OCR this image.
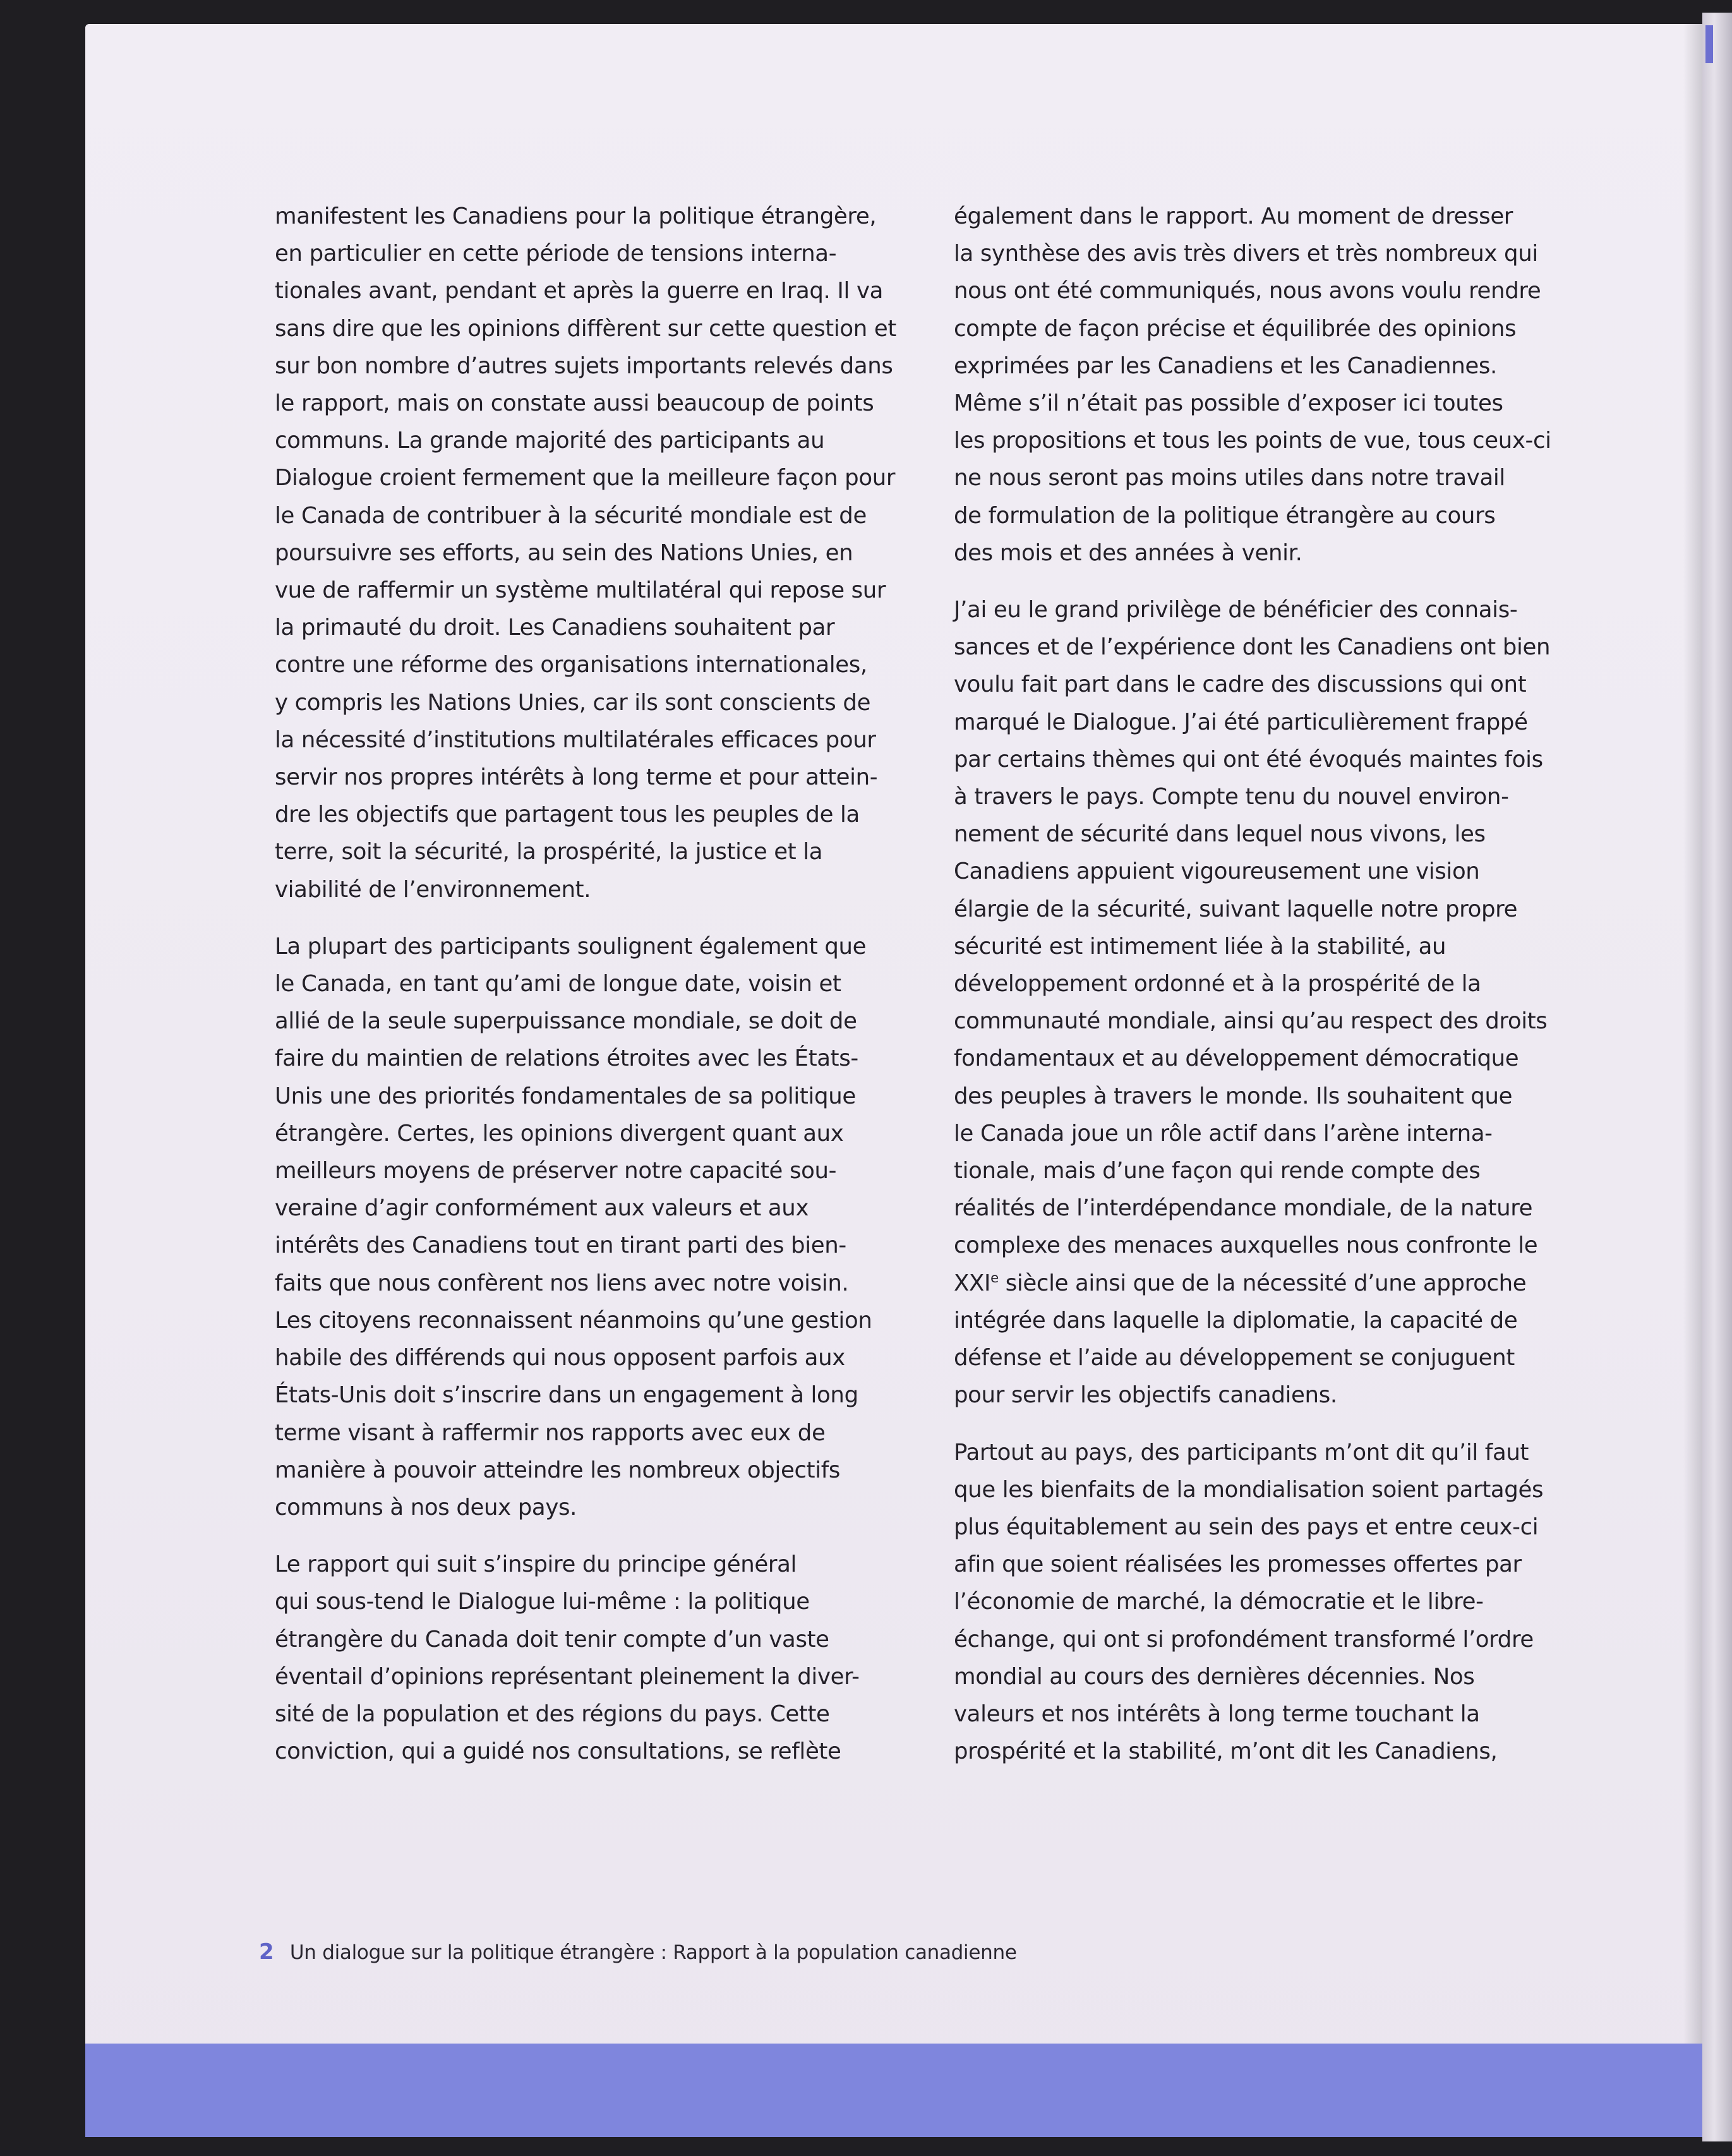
manifestent les Canadiens pour la politique étrangère,
en particulier en cette période de tensions interna-
tionales avant, pendant et après la guerre en Iraq. Il va
sans dire que les opinions diffèrent sur cette question et
sur bon nombre d’autres sujets importants relevés dans
le rapport, mais on constate aussi beaucoup de points
communs. La grande majorité des participants au
Dialogue croient fermement que la meilleure façon pour
le Canada de contribuer à la sécurité mondiale est de
poursuivre ses efforts, au sein des Nations Unies, en
vue de raffermir un système multilatéral qui repose sur
la primauté du droit. Les Canadiens souhaitent par
contre une réforme des organisations internationales,
y compris les Nations Unies, car ils sont conscients de
la nécessité d’institutions multilatérales efficaces pour
servir nos propres intérêts à long terme et pour attein-
dre les objectifs que partagent tous les peuples de la
terre, soit la sécurité, la prospérité, la justice et la
viabilité de l’environnement.
La plupart des participants soulignent également que
le Canada, en tant qu’ami de longue date, voisin et
allié de la seule superpuissance mondiale, se doit de
faire du maintien de relations étroites avec les États-
Unis une des priorités fondamentales de sa politique
étrangère. Certes, les opinions divergent quant aux
meilleurs moyens de préserver notre capacité sou-
veraine d’agir conformément aux valeurs et aux
intérêts des Canadiens tout en tirant parti des bien-
faits que nous confèrent nos liens avec notre voisin.
Les citoyens reconnaissent néanmoins qu’une gestion
habile des différends qui nous opposent parfois aux
États-Unis doit s’inscrire dans un engagement à long
terme visant à raffermir nos rapports avec eux de
manière à pouvoir atteindre les nombreux objectifs
communs à nos deux pays.
Le rapport qui suit s’inspire du principe général
qui sous-tend le Dialogue lui-même : la politique
étrangère du Canada doit tenir compte d’un vaste
éventail d’opinions représentant pleinement la diver-
sité de la population et des régions du pays. Cette
conviction, qui a guidé nos consultations, se reflète
également dans le rapport. Au moment de dresser
la synthèse des avis très divers et très nombreux qui
nous ont été communiqués, nous avons voulu rendre
compte de façon précise et équilibrée des opinions
exprimées par les Canadiens et les Canadiennes.
Même s’il n’était pas possible d’exposer ici toutes
les propositions et tous les points de vue, tous ceux-ci
ne nous seront pas moins utiles dans notre travail
de formulation de la politique étrangère au cours
des mois et des années à venir.
J’ai eu le grand privilège de bénéficier des connais-
sances et de l’expérience dont les Canadiens ont bien
voulu fait part dans le cadre des discussions qui ont
marqué le Dialogue. J’ai été particulièrement frappé
par certains thèmes qui ont été évoqués maintes fois
à travers le pays. Compte tenu du nouvel environ-
nement de sécurité dans lequel nous vivons, les
Canadiens appuient vigoureusement une vision
élargie de la sécurité, suivant laquelle notre propre
sécurité est intimement liée à la stabilité, au
développement ordonné et à la prospérité de la
communauté mondiale, ainsi qu’au respect des droits
fondamentaux et au développement démocratique
des peuples à travers le monde. Ils souhaitent que
le Canada joue un rôle actif dans l’arène interna-
tionale, mais d’une façon qui rende compte des
réalités de l’interdépendance mondiale, de la nature
complexe des menaces auxquelles nous confronte le
XXIe siècle ainsi que de la nécessité d’une approche
intégrée dans laquelle la diplomatie, la capacité de
défense et l’aide au développement se conjuguent
pour servir les objectifs canadiens.
Partout au pays, des participants m’ont dit qu’il faut
que les bienfaits de la mondialisation soient partagés
plus équitablement au sein des pays et entre ceux-ci
afin que soient réalisées les promesses offertes par
l’économie de marché, la démocratie et le libre-
échange, qui ont si profondément transformé l’ordre
mondial au cours des dernières décennies. Nos
valeurs et nos intérêts à long terme touchant la
prospérité et la stabilité, m’ont dit les Canadiens,
2 Un dialogue sur la politique étrangère : Rapport à la population canadienne
